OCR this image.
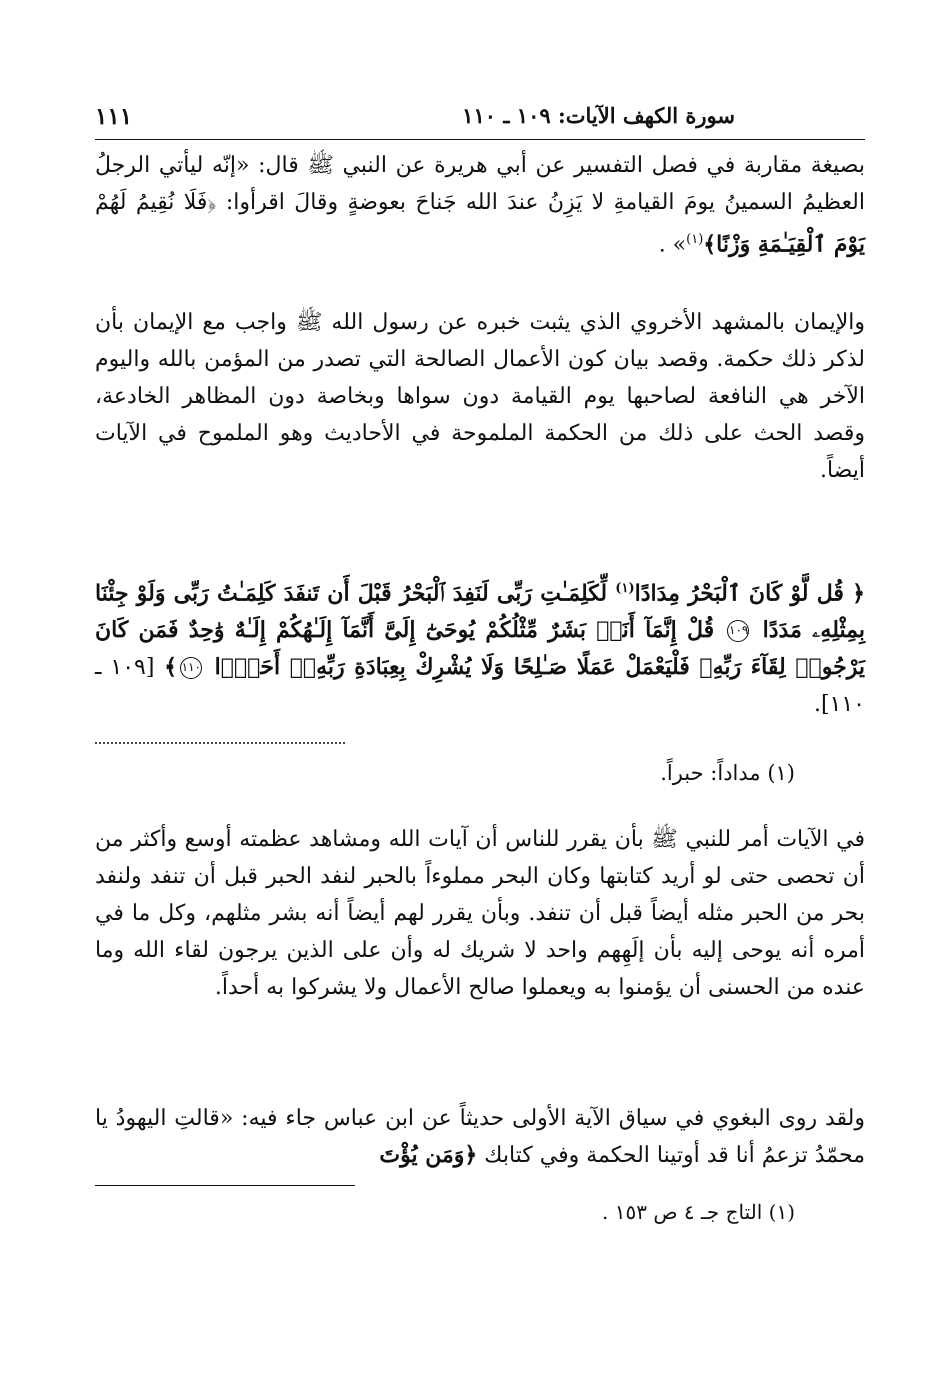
سورة الكهف الآيات: ١٠٩ ـ ١١٠
١١١
بصيغة مقاربة في فصل التفسير عن أبي هريرة عن النبي ﷺ قال: «إنّه ليأتي الرجلُ العظيمُ السمينُ يومَ القيامةِ لا يَزِنُ عندَ الله جَناحَ بعوضةٍ وقالَ اقرأوا: ﴿فَلَا نُقِيمُ لَهُمْ يَوْمَ ٱلْقِيَـٰمَةِ وَزْنًا﴾$^{(١)}$» .

والإيمان بالمشهد الأخروي الذي يثبت خبره عن رسول الله ﷺ واجب مع الإيمان بأن لذكر ذلك حكمة. وقصد بيان كون الأعمال الصالحة التي تصدر من المؤمن بالله واليوم الآخر هي النافعة لصاحبها يوم القيامة دون سواها وبخاصة دون المظاهر الخادعة، وقصد الحث على ذلك من الحكمة الملموحة في الأحاديث وهو الملموح في الآيات أيضاً.

﴿ قُل لَّوْ كَانَ ٱلْبَحْرُ مِدَادًا$^{(١)}$ لِّكَلِمَـٰتِ رَبِّى لَنَفِدَ ٱلْبَحْرُ قَبْلَ أَن تَنفَدَ كَلِمَـٰتُ رَبِّى وَلَوْ جِئْنَا بِمِثْلِهِۦ مَدَدًا ١٠٩ قُلْ إِنَّمَآ أَنَا۠ بَشَرٌ مِّثْلُكُمْ يُوحَىٰٓ إِلَىَّ أَنَّمَآ إِلَـٰهُكُمْ إِلَـٰهٌ وَٰحِدٌ فَمَن كَانَ يَرْجُوا۟ لِقَآءَ رَبِّهِۦ فَلْيَعْمَلْ عَمَلًا صَـٰلِحًا وَلَا يُشْرِكْ بِعِبَادَةِ رَبِّهِۦٓ أَحَدًۢا ١١٠﴾ [١٠٩ ـ ١١٠].

(١) مداداً: حبراً.

في الآيات أمر للنبي ﷺ بأن يقرر للناس أن آيات الله ومشاهد عظمته أوسع وأكثر من أن تحصى حتى لو أريد كتابتها وكان البحر مملوءاً بالحبر لنفد الحبر قبل أن تنفد ولنفد بحر من الحبر مثله أيضاً قبل أن تنفد. وبأن يقرر لهم أيضاً أنه بشر مثلهم، وكل ما في أمره أنه يوحى إليه بأن إلَهِهم واحد لا شريك له وأن على الذين يرجون لقاء الله وما عنده من الحسنى أن يؤمنوا به ويعملوا صالح الأعمال ولا يشركوا به أحداً.

ولقد روى البغوي في سياق الآية الأولى حديثاً عن ابن عباس جاء فيه: «قالتِ اليهودُ يا محمّدُ تزعمُ أنا قد أوتينا الحكمة وفي كتابك ﴿وَمَن يُؤْتَ

(١) التاج جـ ٤ ص ١٥٣ .
